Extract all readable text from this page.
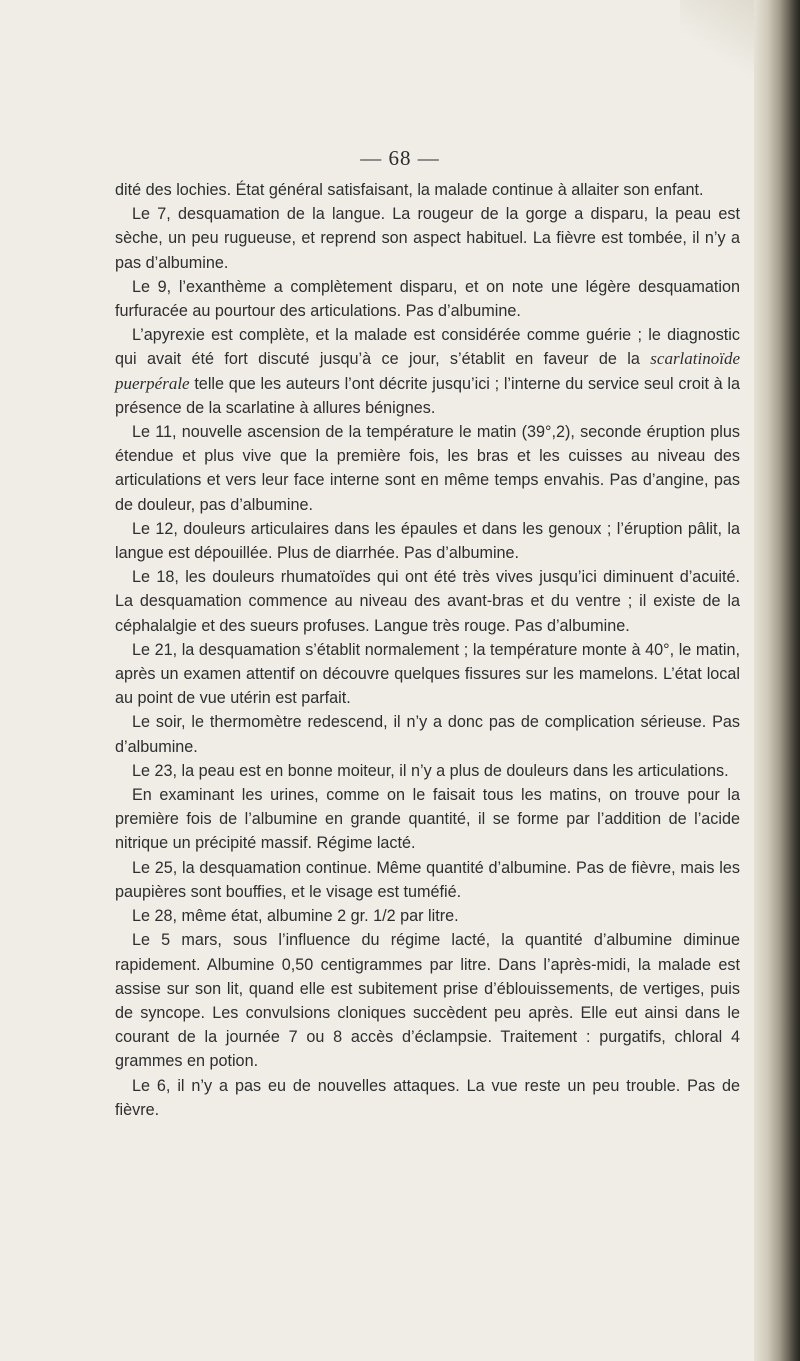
— 68 —

dité des lochies. État général satisfaisant, la malade continue à allaiter son enfant.

Le 7, desquamation de la langue. La rougeur de la gorge a disparu, la peau est sèche, un peu rugueuse, et reprend son aspect habituel. La fièvre est tombée, il n’y a pas d’albumine.

Le 9, l’exanthème a complètement disparu, et on note une légère desquamation furfuracée au pourtour des articulations. Pas d’albumine.

L’apyrexie est complète, et la malade est considérée comme guérie ; le diagnostic qui avait été fort discuté jusqu’à ce jour, s’établit en faveur de la scarlatinoïde puerpérale telle que les auteurs l’ont décrite jusqu’ici ; l’interne du service seul croit à la présence de la scarlatine à allures bénignes.

Le 11, nouvelle ascension de la température le matin (39°,2), seconde éruption plus étendue et plus vive que la première fois, les bras et les cuisses au niveau des articulations et vers leur face interne sont en même temps envahis. Pas d’angine, pas de douleur, pas d’albumine.

Le 12, douleurs articulaires dans les épaules et dans les genoux ; l’éruption pâlit, la langue est dépouillée. Plus de diarrhée. Pas d’albumine.

Le 18, les douleurs rhumatoïdes qui ont été très vives jusqu’ici diminuent d’acuité. La desquamation commence au niveau des avant-bras et du ventre ; il existe de la céphalalgie et des sueurs profuses. Langue très rouge. Pas d’albumine.

Le 21, la desquamation s’établit normalement ; la température monte à 40°, le matin, après un examen attentif on découvre quelques fissures sur les mamelons. L’état local au point de vue utérin est parfait.

Le soir, le thermomètre redescend, il n’y a donc pas de complication sérieuse. Pas d’albumine.

Le 23, la peau est en bonne moiteur, il n’y a plus de douleurs dans les articulations.

En examinant les urines, comme on le faisait tous les matins, on trouve pour la première fois de l’albumine en grande quantité, il se forme par l’addition de l’acide nitrique un précipité massif. Régime lacté.

Le 25, la desquamation continue. Même quantité d’albumine. Pas de fièvre, mais les paupières sont bouffies, et le visage est tuméfié.

Le 28, même état, albumine 2 gr. 1/2 par litre.

Le 5 mars, sous l’influence du régime lacté, la quantité d’albumine diminue rapidement. Albumine 0,50 centigrammes par litre. Dans l’après-midi, la malade est assise sur son lit, quand elle est subitement prise d’éblouissements, de vertiges, puis de syncope. Les convulsions cloniques succèdent peu après. Elle eut ainsi dans le courant de la journée 7 ou 8 accès d’éclampsie. Traitement : purgatifs, chloral 4 grammes en potion.

Le 6, il n’y a pas eu de nouvelles attaques. La vue reste un peu trouble. Pas de fièvre.
